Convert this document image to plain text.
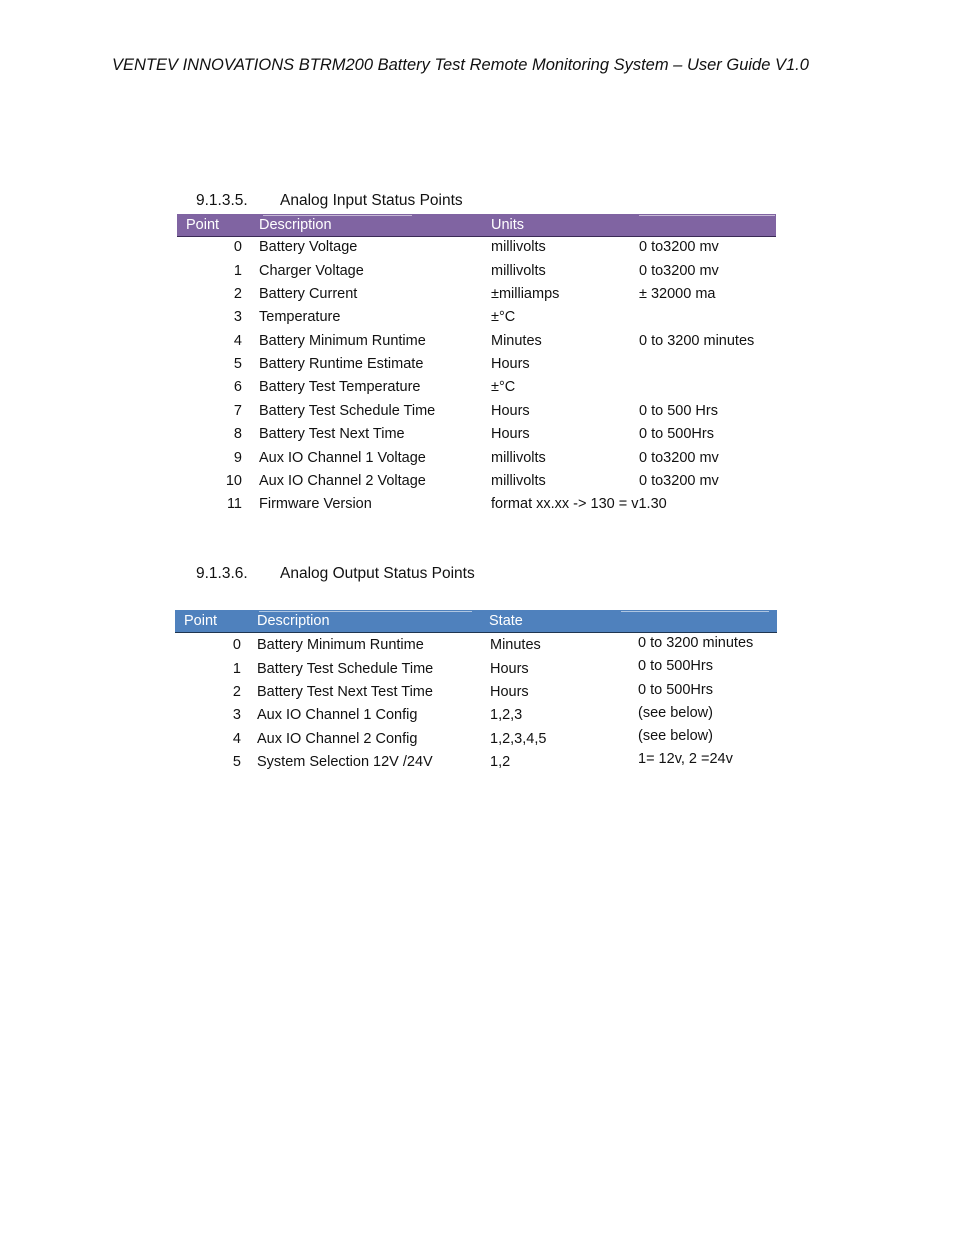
VENTEV INNOVATIONS BTRM200 Battery Test Remote Monitoring System – User Guide V1.0
9.1.3.5. Analog Input Status Points
Point	Description	Units
0 Battery Voltage	millivolts	0 to3200 mv
1 Charger Voltage	millivolts	0 to3200 mv
2 Battery Current	±milliamps	± 32000 ma
3 Temperature	±°C
4 Battery Minimum Runtime	Minutes	0 to 3200 minutes
5 Battery Runtime Estimate	Hours
6 Battery Test Temperature	±°C
7 Battery Test Schedule Time	Hours	0 to 500 Hrs
8 Battery Test Next Time	Hours	0 to 500Hrs
9 Aux IO Channel 1 Voltage	millivolts	0 to3200 mv
10 Aux IO Channel 2 Voltage	millivolts	0 to3200 mv
11 Firmware Version	format xx.xx -> 130 = v1.30
9.1.3.6. Analog Output Status Points
Point	Description	State
0 Battery Minimum Runtime	Minutes	0 to 3200 minutes
1 Battery Test Schedule Time	Hours	0 to 500Hrs
2 Battery Test Next Test Time	Hours	0 to 500Hrs
3 Aux IO Channel 1 Config	1,2,3	(see below)
4 Aux IO Channel 2 Config	1,2,3,4,5	(see below)
5 System Selection 12V /24V	1,2	1= 12v, 2 =24v
